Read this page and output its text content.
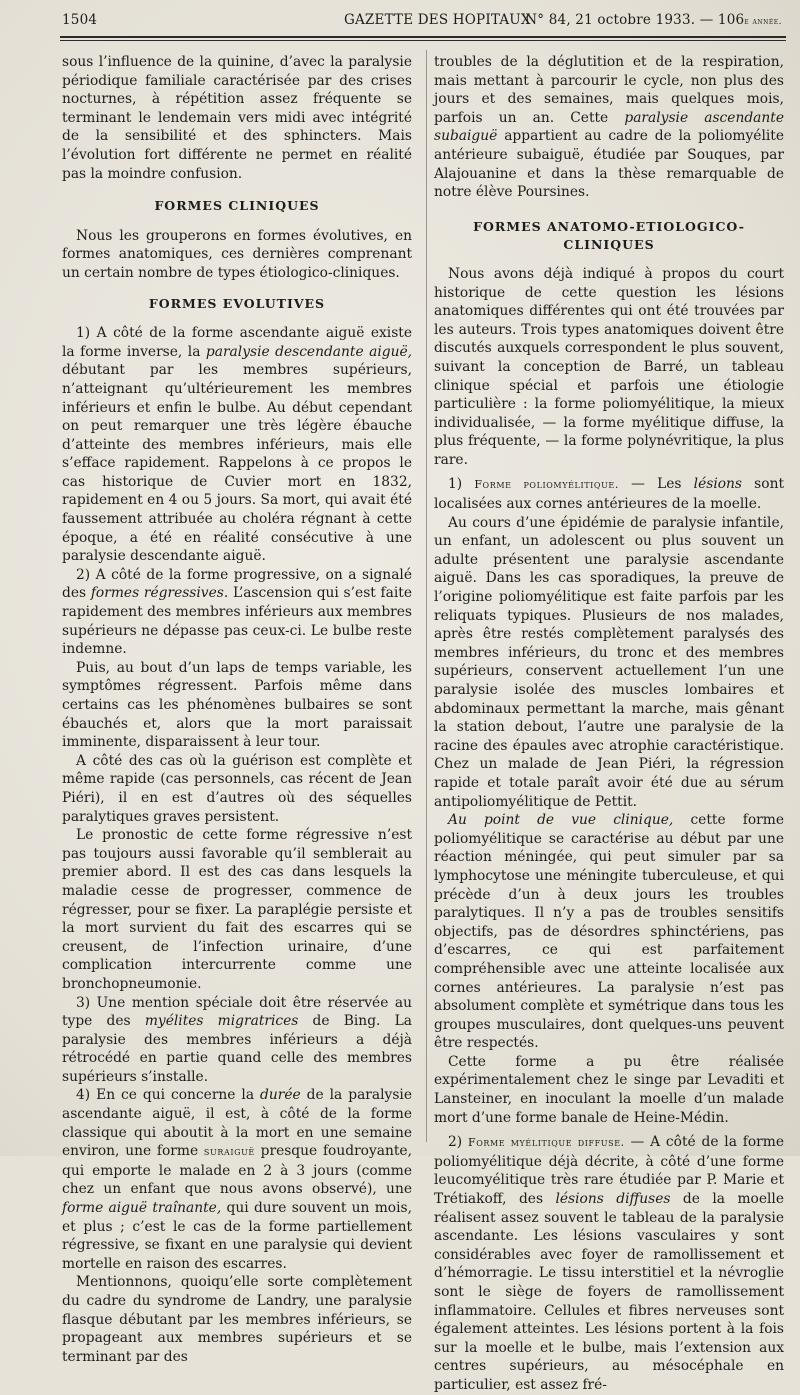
1504	GAZETTE DES HOPITAUX
N° 84, 21 octobre 1933. — 106e année.

sous l’influence de la quinine, d’avec la paralysie périodique familiale caractérisée par des crises nocturnes, à répétition assez fréquente se terminant le lendemain vers midi avec intégrité de la sensibilité et des sphincters. Mais l’évolution fort différente ne permet en réalité pas la moindre confusion.

FORMES CLINIQUES

Nous les grouperons en formes évolutives, en formes anatomiques, ces dernières comprenant un certain nombre de types étiologico-cliniques.

FORMES EVOLUTIVES

1) A côté de la forme ascendante aiguë existe la forme inverse, la paralysie descendante aiguë, débutant par les membres supérieurs, n’atteignant qu’ultérieurement les membres inférieurs et enfin le bulbe. Au début cependant on peut remarquer une très légère ébauche d’atteinte des membres inférieurs, mais elle s’efface rapidement. Rappelons à ce propos le cas historique de Cuvier mort en 1832, rapidement en 4 ou 5 jours. Sa mort, qui avait été faussement attribuée au choléra régnant à cette époque, a été en réalité consécutive à une paralysie descendante aiguë.

2) A côté de la forme progressive, on a signalé des formes régressives. L’ascension qui s’est faite rapidement des membres inférieurs aux membres supérieurs ne dépasse pas ceux-ci. Le bulbe reste indemne.

Puis, au bout d’un laps de temps variable, les symptômes régressent. Parfois même dans certains cas les phénomènes bulbaires se sont ébauchés et, alors que la mort paraissait imminente, disparaissent à leur tour.

A côté des cas où la guérison est complète et même rapide (cas personnels, cas récent de Jean Piéri), il en est d’autres où des séquelles paralytiques graves persistent.

Le pronostic de cette forme régressive n’est pas toujours aussi favorable qu’il semblerait au premier abord. Il est des cas dans lesquels la maladie cesse de progresser, commence de régresser, pour se fixer. La paraplégie persiste et la mort survient du fait des escarres qui se creusent, de l’infection urinaire, d’une complication intercurrente comme une bronchopneumonie.

3) Une mention spéciale doit être réservée au type des myélites migratrices de Bing. La paralysie des membres inférieurs a déjà rétrocédé en partie quand celle des membres supérieurs s’installe.

4) En ce qui concerne la durée de la paralysie ascendante aiguë, il est, à côté de la forme classique qui aboutit à la mort en une semaine environ, une forme suraiguë presque foudroyante, qui emporte le malade en 2 à 3 jours (comme chez un enfant que nous avons observé), une forme aiguë traînante, qui dure souvent un mois, et plus ; c’est le cas de la forme partiellement régressive, se fixant en une paralysie qui devient mortelle en raison des escarres.

Mentionnons, quoiqu’elle sorte complètement du cadre du syndrome de Landry, une paralysie flasque débutant par les membres inférieurs, se propageant aux membres supérieurs et se terminant par des

troubles de la déglutition et de la respiration, mais mettant à parcourir le cycle, non plus des jours et des semaines, mais quelques mois, parfois un an. Cette paralysie ascendante subaiguë appartient au cadre de la poliomyélite antérieure subaiguë, étudiée par Souques, par Alajouanine et dans la thèse remarquable de notre élève Poursines.

FORMES ANATOMO-ETIOLOGICO-CLINIQUES

Nous avons déjà indiqué à propos du court historique de cette question les lésions anatomiques différentes qui ont été trouvées par les auteurs. Trois types anatomiques doivent être discutés auxquels correspondent le plus souvent, suivant la conception de Barré, un tableau clinique spécial et parfois une étiologie particulière : la forme poliomyélitique, la mieux individualisée, — la forme myélitique diffuse, la plus fréquente, — la forme polynévritique, la plus rare.

1) Forme poliomyélitique. — Les lésions sont localisées aux cornes antérieures de la moelle.

Au cours d’une épidémie de paralysie infantile, un enfant, un adolescent ou plus souvent un adulte présentent une paralysie ascendante aiguë. Dans les cas sporadiques, la preuve de l’origine poliomyélitique est faite parfois par les reliquats typiques. Plusieurs de nos malades, après être restés complètement paralysés des membres inférieurs, du tronc et des membres supérieurs, conservent actuellement l’un une paralysie isolée des muscles lombaires et abdominaux permettant la marche, mais gênant la station debout, l’autre une paralysie de la racine des épaules avec atrophie caractéristique. Chez un malade de Jean Piéri, la régression rapide et totale paraît avoir été due au sérum antipoliomyélitique de Pettit.

Au point de vue clinique, cette forme poliomyélitique se caractérise au début par une réaction méningée, qui peut simuler par sa lymphocytose une méningite tuberculeuse, et qui précède d’un à deux jours les troubles paralytiques. Il n’y a pas de troubles sensitifs objectifs, pas de désordres sphinctériens, pas d’escarres, ce qui est parfaitement compréhensible avec une atteinte localisée aux cornes antérieures. La paralysie n’est pas absolument complète et symétrique dans tous les groupes musculaires, dont quelques-uns peuvent être respectés.

Cette forme a pu être réalisée expérimentalement chez le singe par Levaditi et Lansteiner, en inoculant la moelle d’un malade mort d’une forme banale de Heine-Médin.

2) Forme myélitique diffuse. — A côté de la forme poliomyélitique déjà décrite, à côté d’une forme leucomyélitique très rare étudiée par P. Marie et Trétiakoff, des lésions diffuses de la moelle réalisent assez souvent le tableau de la paralysie ascendante. Les lésions vasculaires y sont considérables avec foyer de ramollissement et d’hémorragie. Le tissu interstitiel et la névroglie sont le siège de foyers de ramollissement inflammatoire. Cellules et fibres nerveuses sont également atteintes. Les lésions portent à la fois sur la moelle et le bulbe, mais l’extension aux centres supérieurs, au mésocéphale en particulier, est assez fré-
